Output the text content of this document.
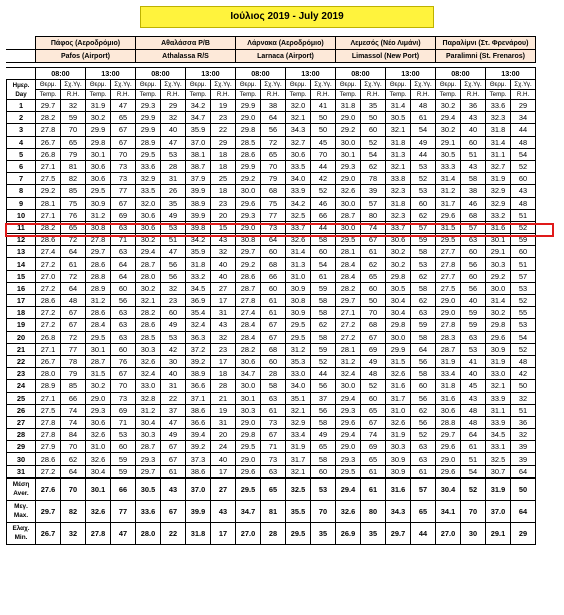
Ιούλιος 2019 - July 2019
	Πάφος (Αεροδρόμιο)				Αθαλάσσα Ρ/Β				Λάρνακα (Αεροδρόμιο)				Λεμεσός (Νέο Λιμάνι)				Παραλίμνι (Στ. Φρενάρου)			
	Pafos (Airport)				Athalassa R/S				Larnaca (Airport)				Limassol (New Port)				Paralimni (St. Frenaros)			

	08:00		13:00		08:00		13:00		08:00		13:00		08:00		13:00		08:00		13:00	
Ημερ.
Day	Θερμ.	Σχ.Υγ.	Θερμ.	Σχ.Υγ.	Θερμ.	Σχ.Υγ.	Θερμ.	Σχ.Υγ.	Θερμ.	Σχ.Υγ.	Θερμ.	Σχ.Υγ.	Θερμ.	Σχ.Υγ.	Θερμ.	Σχ.Υγ.	Θερμ.	Σχ.Υγ.	Θερμ.	Σχ.Υγ.
	Temp.	R.H.	Temp.	R.H.	Temp.	R.H.	Temp.	R.H.	Temp.	R.H.	Temp.	R.H.	Temp.	R.H.	Temp.	R.H.	Temp.	R.H.	Temp.	R.H.
1	29.7	32	31.9	47	29.3	29	34.2	19	29.9	38	32.0	41	31.8	35	31.4	48	30.2	36	33.6	29
2	28.2	59	30.2	65	29.9	32	34.7	23	29.0	64	32.1	50	29.0	50	30.5	61	29.4	43	32.3	34
3	27.8	70	29.9	67	29.9	40	35.9	22	29.8	56	34.3	50	29.2	60	32.1	54	30.2	40	31.8	44
4	26.7	65	29.8	67	28.9	47	37.0	29	28.5	72	32.7	45	30.0	52	31.8	49	29.1	60	31.4	48
5	26.8	79	30.1	70	29.5	53	38.1	18	28.6	65	30.6	70	30.1	54	31.3	44	30.5	51	31.1	54
6	27.1	81	30.6	73	33.6	28	38.7	18	29.9	70	33.5	44	29.3	62	32.1	53	33.3	43	32.7	52
7	27.5	82	30.6	73	32.9	31	37.9	25	29.2	79	34.0	42	29.0	78	33.8	52	31.4	58	31.9	60
8	29.2	85	29.5	77	33.5	26	39.9	18	30.0	68	33.9	52	32.6	39	32.3	53	31.2	38	32.9	43
9	28.1	75	30.9	67	32.0	35	38.9	23	29.6	75	34.2	46	30.0	57	31.8	60	31.7	46	32.9	48
10	27.1	76	31.2	69	30.6	49	39.9	20	29.3	77	32.5	66	28.7	80	32.3	62	29.6	68	33.2	51
11	28.2	65	30.8	63	30.6	53	39.8	15	29.0	73	33.7	44	30.0	74	33.7	57	31.5	57	31.6	52
12	28.6	72	27.8	71	30.2	51	34.2	43	30.8	64	32.6	58	29.5	67	30.6	59	29.5	63	30.1	59
13	27.4	64	29.7	63	29.4	47	35.9	32	29.7	60	31.4	60	28.1	61	30.2	58	27.7	60	29.1	60
14	27.2	61	28.6	64	28.7	56	31.8	40	29.2	68	31.3	54	28.4	62	30.2	53	27.8	56	30.3	51
15	27.0	72	28.8	64	28.0	56	33.2	40	28.6	66	31.0	61	28.4	65	29.8	62	27.7	60	29.2	57
16	27.2	64	28.9	60	30.2	32	34.5	27	28.7	60	30.9	59	28.2	60	30.5	58	27.5	56	30.0	53
17	28.6	48	31.2	56	32.1	23	36.9	17	27.8	61	30.8	58	29.7	50	30.4	62	29.0	40	31.4	52
18	27.2	67	28.6	63	28.2	60	35.4	31	27.4	61	30.9	58	27.1	70	30.4	63	29.0	59	30.2	55
19	27.2	67	28.4	63	28.6	49	32.4	43	28.4	67	29.5	62	27.2	68	29.8	59	27.8	59	29.8	53
20	26.8	72	29.5	63	28.5	53	36.3	32	28.4	67	29.5	58	27.2	67	30.0	58	28.3	63	29.6	54
21	27.1	77	30.1	60	30.3	42	37.2	23	28.2	68	31.2	59	28.1	69	29.9	64	28.7	53	30.9	52
22	26.7	78	28.7	76	32.6	30	39.2	17	30.6	60	35.3	52	31.2	49	31.5	56	31.9	41	31.9	48
23	28.0	79	31.5	67	32.4	40	38.9	18	34.7	28	33.0	44	32.4	48	32.6	58	33.4	40	33.0	42
24	28.9	85	30.2	70	33.0	31	36.6	28	30.0	58	34.0	56	30.0	52	31.6	60	31.8	45	32.1	50
25	27.1	66	29.0	73	32.8	22	37.1	21	30.1	63	35.1	37	29.4	60	31.7	56	31.6	43	33.9	32
26	27.5	74	29.3	69	31.2	37	38.6	19	30.3	61	32.1	56	29.3	65	31.0	62	30.6	48	31.1	51
27	27.8	74	30.6	71	30.4	47	36.6	31	29.0	73	32.9	58	29.6	67	32.6	56	28.8	48	33.9	36
28	27.8	84	32.6	53	30.3	49	39.4	20	29.8	67	33.4	49	29.4	74	31.9	52	29.7	64	34.5	32
29	27.9	70	31.0	60	28.7	67	39.2	24	29.5	71	31.9	65	29.0	69	30.3	63	29.6	61	33.1	39
30	28.6	62	32.6	59	29.3	67	37.3	40	29.0	73	31.7	58	29.3	65	30.9	63	29.0	51	32.5	39
31	27.2	64	30.4	59	29.7	61	38.6	17	29.6	63	32.1	60	29.5	61	30.9	61	29.6	54	30.7	64
Μέση
Aver.	27.6	70	30.1	66	30.5	43	37.0	27	29.5	65	32.5	53	29.4	61	31.6	57	30.4	52	31.9	50
Μεγ.
Max.	29.7	82	32.6	77	33.6	67	39.9	43	34.7	81	35.5	70	32.6	80	34.3	65	34.1	70	37.0	64
Ελαχ.
Min.	26.7	32	27.8	47	28.0	22	31.8	17	27.0	28	29.5	35	26.9	35	29.7	44	27.0	30	29.1	29
